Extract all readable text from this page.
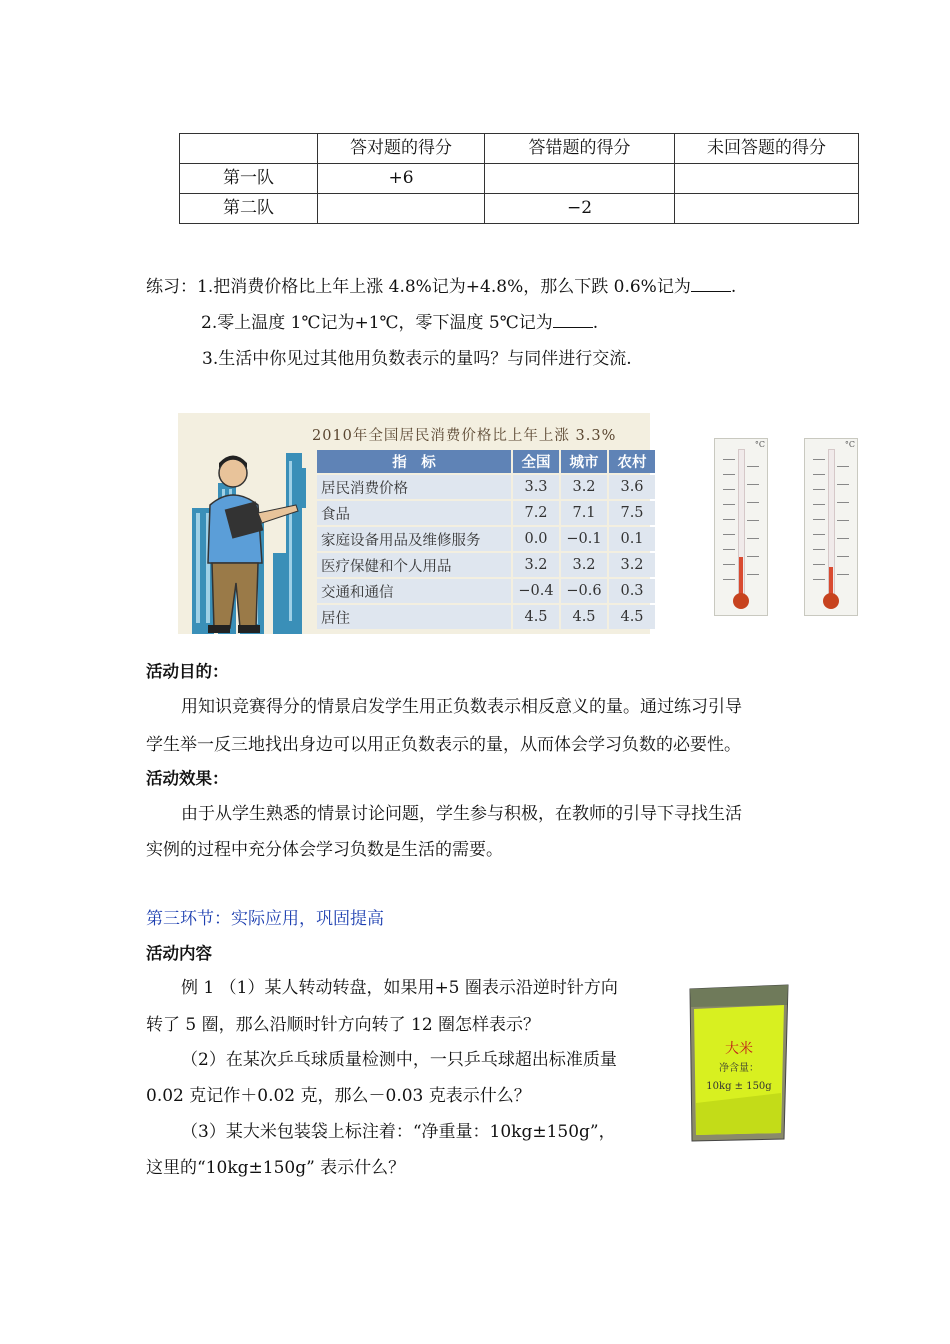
	答对题的得分	答错题的得分	未回答题的得分
第一队	+6		
第二队		−2	
练习：1.把消费价格比上年上涨 4.8%记为+4.8%，那么下跌 0.6%记为 .
2.零上温度 1℃记为+1℃，零下温度 5℃记为 .
3.生活中你见过其他用负数表示的量吗？与同伴进行交流.
2010年全国居民消费价格比上年上涨 3.3%
指　标	全国	城市	农村
居民消费价格	3.3	3.2	3.6
食品	7.2	7.1	7.5
家庭设备用品及维修服务	0.0	−0.1	0.1
医疗保健和个人用品	3.2	3.2	3.2
交通和通信	−0.4	−0.6	0.3
居住	4.5	4.5	4.5
°C	°C
活动目的：
用知识竞赛得分的情景启发学生用正负数表示相反意义的量。通过练习引导
学生举一反三地找出身边可以用正负数表示的量，从而体会学习负数的必要性。
活动效果：
由于从学生熟悉的情景讨论问题，学生参与积极，在教师的引导下寻找生活
实例的过程中充分体会学习负数是生活的需要。
第三环节：实际应用，巩固提高
活动内容
例 1 （1）某人转动转盘，如果用+5 圈表示沿逆时针方向
转了 5 圈，那么沿顺时针方向转了 12 圈怎样表示？
（2）在某次乒乓球质量检测中，一只乒乓球超出标准质量
0.02 克记作＋0.02 克，那么－0.03 克表示什么？
（3）某大米包装袋上标注着：“净重量：10kg±150g”，
这里的“10kg±150g” 表示什么？
大米
净含量：
10kg ± 150g
